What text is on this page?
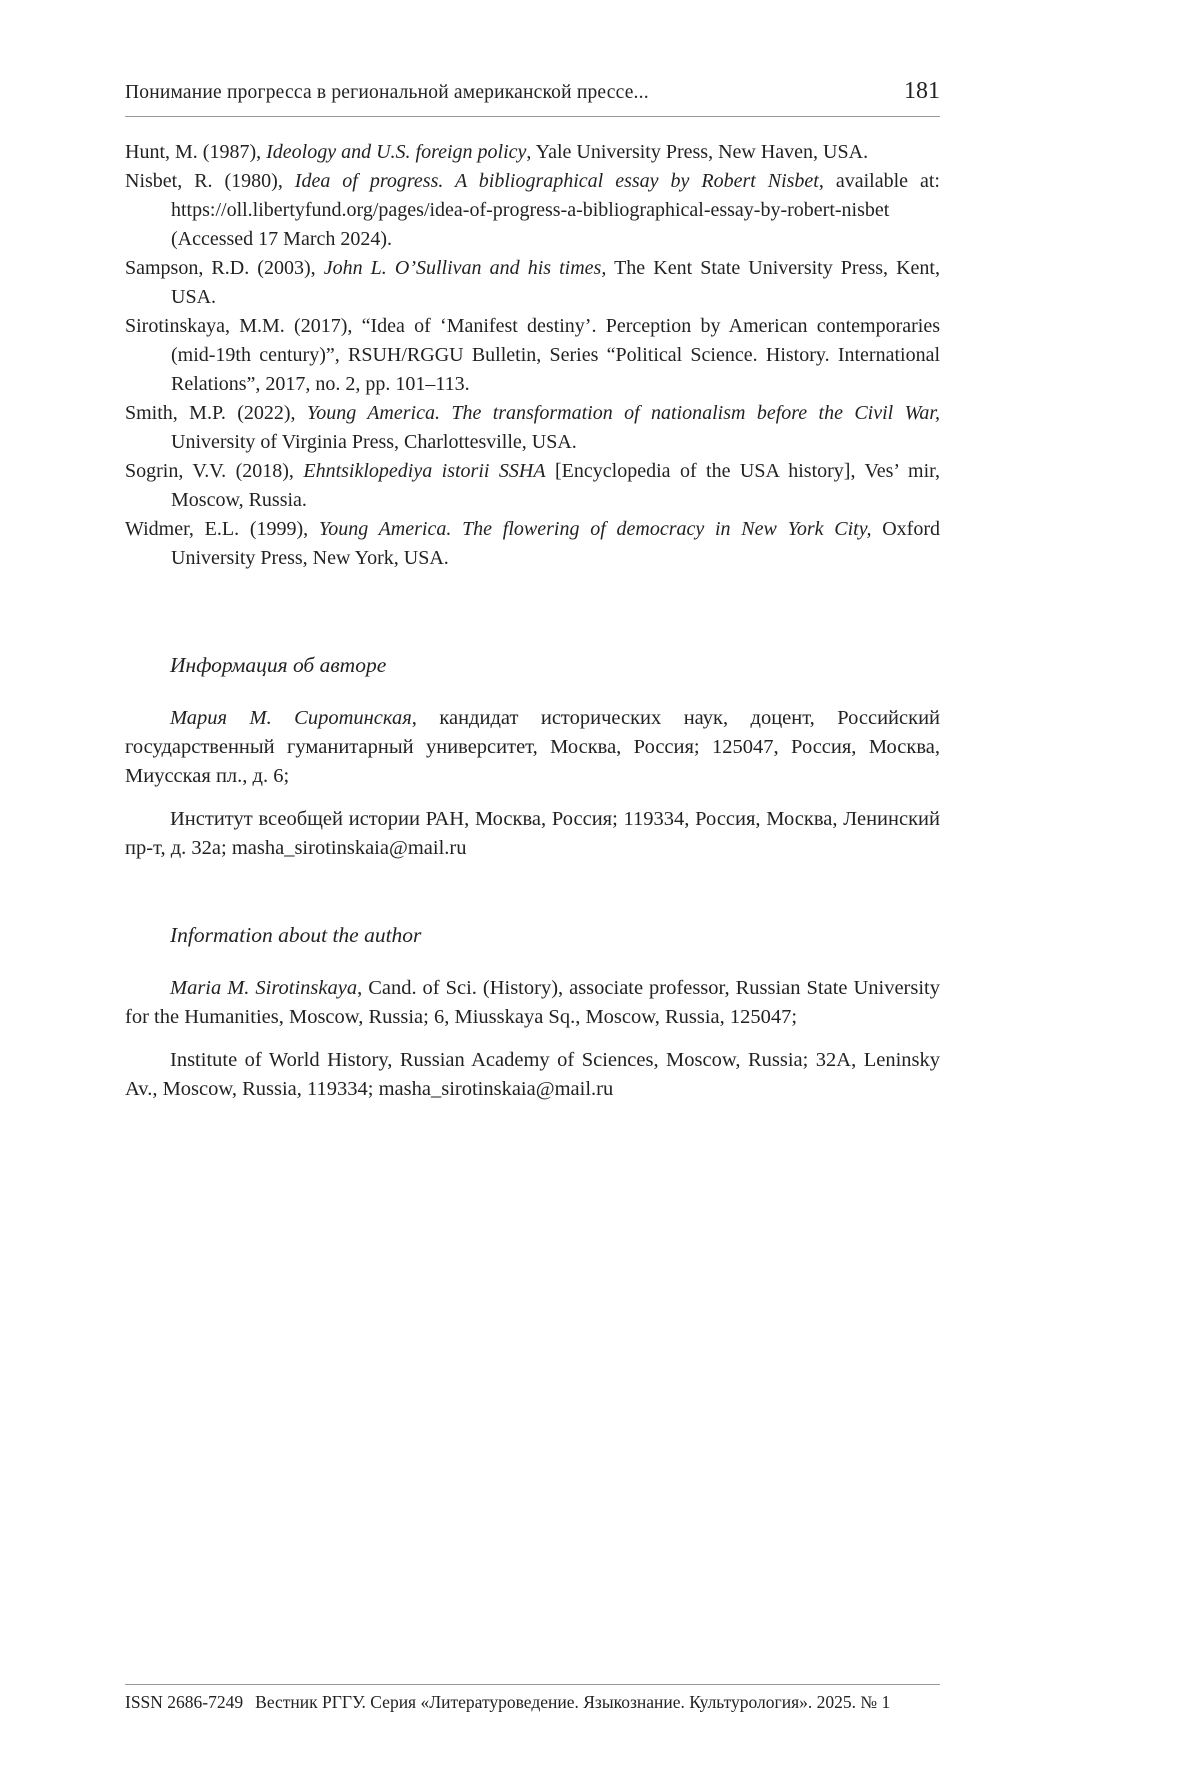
Понимание прогресса в региональной американской прессе...	181

Hunt, M. (1987), Ideology and U.S. foreign policy, Yale University Press, New Haven, USA.

Nisbet, R. (1980), Idea of progress. A bibliographical essay by Robert Nisbet, available at: https://oll.libertyfund.org/pages/idea-of-progress-a-bibliographical-essay-by-robert-nisbet (Accessed 17 March 2024).

Sampson, R.D. (2003), John L. O’Sullivan and his times, The Kent State University Press, Kent, USA.

Sirotinskaya, M.M. (2017), “Idea of ‘Manifest destiny’. Perception by American contemporaries (mid-19th century)”, RSUH/RGGU Bulletin, Series “Political Science. History. International Relations”, 2017, no. 2, pp. 101–113.

Smith, M.P. (2022), Young America. The transformation of nationalism before the Civil War, University of Virginia Press, Charlottesville, USA.

Sogrin, V.V. (2018), Ehntsiklopediya istorii SSHA [Encyclopedia of the USA history], Ves’ mir, Moscow, Russia.

Widmer, E.L. (1999), Young America. The flowering of democracy in New York City, Oxford University Press, New York, USA.

Информация об авторе

Мария М. Сиротинская, кандидат исторических наук, доцент, Российский государственный гуманитарный университет, Москва, Россия; 125047, Россия, Москва, Миусская пл., д. 6;

Институт всеобщей истории РАН, Москва, Россия; 119334, Россия, Москва, Ленинский пр-т, д. 32а; masha_sirotinskaia@mail.ru

Information about the author

Maria M. Sirotinskaya, Cand. of Sci. (History), associate professor, Russian State University for the Humanities, Moscow, Russia; 6, Miusskaya Sq., Moscow, Russia, 125047;

Institute of World History, Russian Academy of Sciences, Moscow, Russia; 32A, Leninsky Av., Moscow, Russia, 119334; masha_sirotinskaia@mail.ru

ISSN 2686-7249 Вестник РГГУ. Серия «Литературоведение. Языкознание. Культурология». 2025. № 1
